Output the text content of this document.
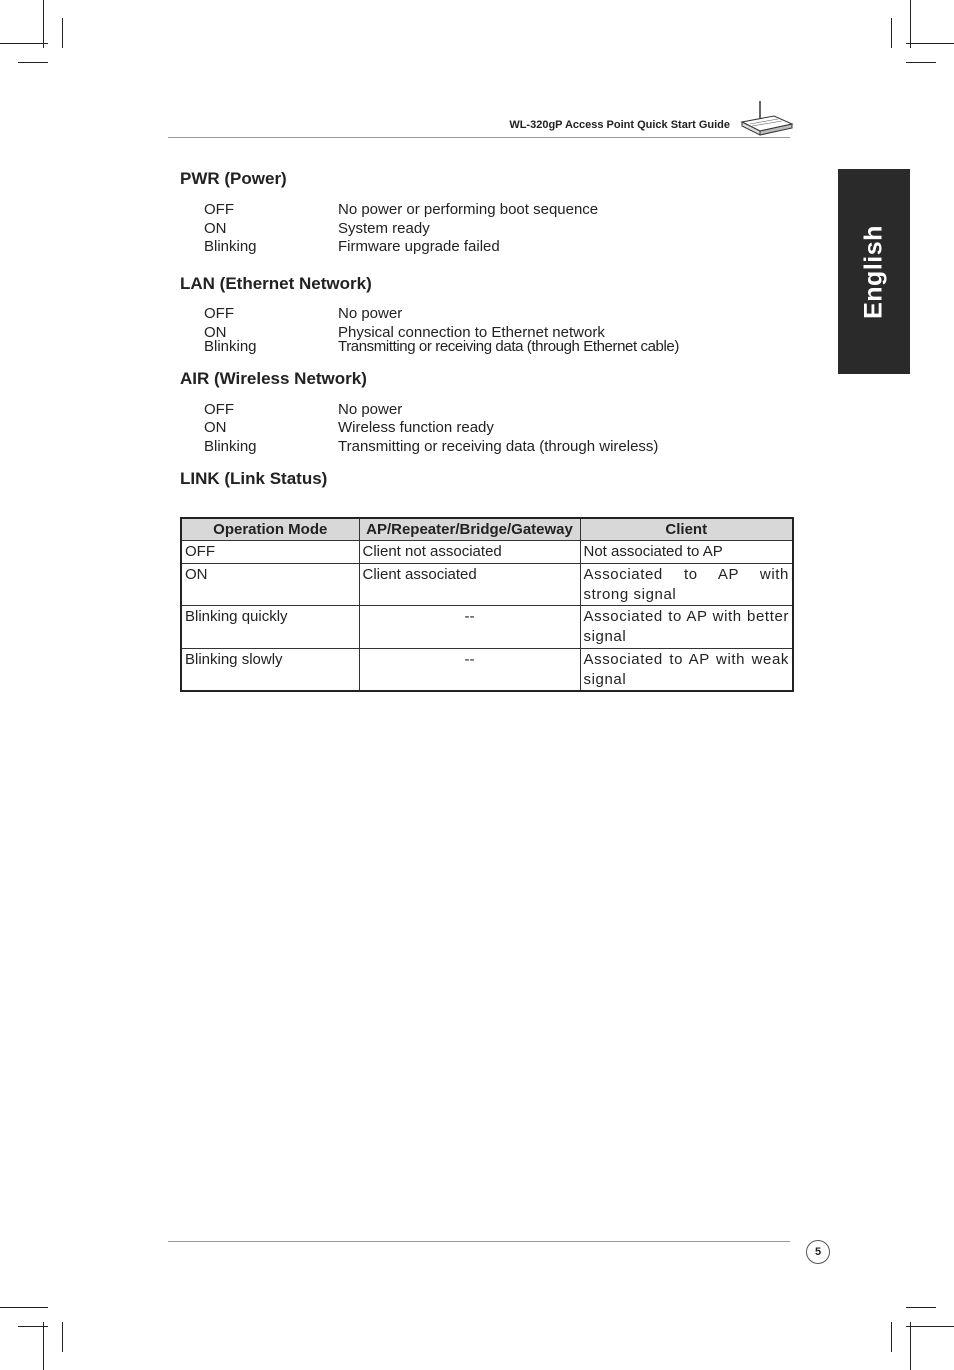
WL-320gP Access Point Quick Start Guide
English
PWR (Power)
OFF	No power or performing boot sequence
ON	System ready
Blinking	Firmware upgrade failed
LAN (Ethernet Network)
OFF	No power
ON	Physical connection to Ethernet network
Blinking	Transmitting or receiving data (through Ethernet cable)
AIR (Wireless Network)
OFF	No power
ON	Wireless function ready
Blinking	Transmitting or receiving data (through wireless)
LINK (Link Status)
Operation Mode	AP/Repeater/Bridge/Gateway	Client
OFF	Client not associated	Not associated to AP
ON	Client associated	Associated to AP with strong signal
Blinking quickly	--	Associated to AP with better signal
Blinking slowly	--	Associated to AP with weak signal
5
